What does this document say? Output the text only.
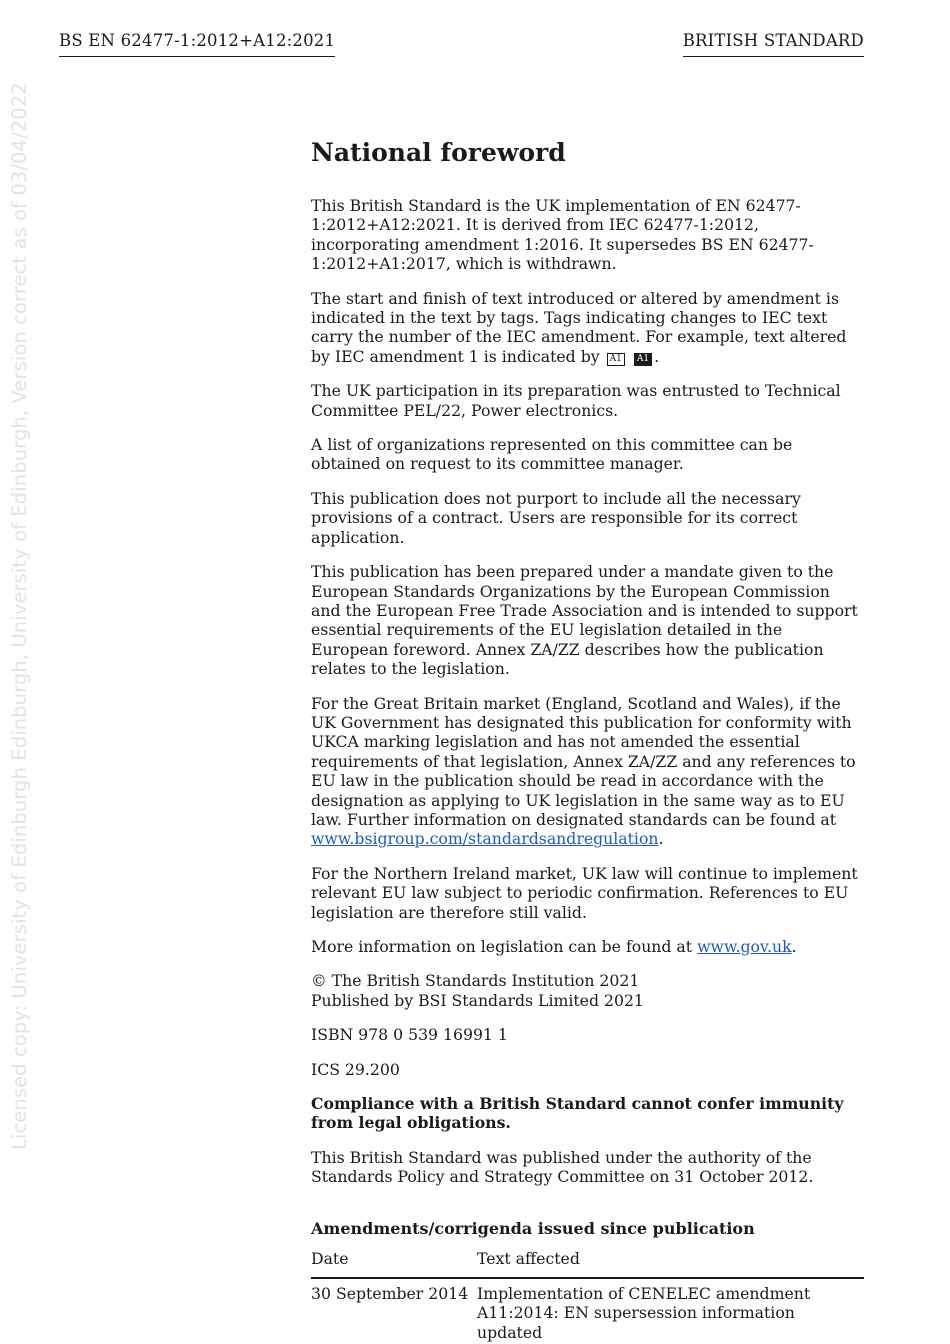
BS EN 62477-1:2012+A12:2021	BRITISH STANDARD
Licensed copy: University of Edinburgh Edinburgh, University of Edinburgh, Version correct as of 03/04/2022	National foreword

This British Standard is the UK implementation of EN 62477-1:2012+A12:2021. It is derived from IEC 62477-1:2012, incorporating amendment 1:2016. It supersedes BS EN 62477-1:2012+A1:2017, which is withdrawn.

The start and finish of text introduced or altered by amendment is indicated in the text by tags. Tags indicating changes to IEC text carry the number of the IEC amendment. For example, text altered by IEC amendment 1 is indicated by A1 A1 .

The UK participation in its preparation was entrusted to Technical Committee PEL/22, Power electronics.

A list of organizations represented on this committee can be obtained on request to its committee manager.

This publication does not purport to include all the necessary provisions of a contract. Users are responsible for its correct application.

This publication has been prepared under a mandate given to the European Standards Organizations by the European Commission and the European Free Trade Association and is intended to support essential requirements of the EU legislation detailed in the European foreword. Annex ZA/ZZ describes how the publication relates to the legislation.

For the Great Britain market (England, Scotland and Wales), if the UK Government has designated this publication for conformity with UKCA marking legislation and has not amended the essential requirements of that legislation, Annex ZA/ZZ and any references to EU law in the publication should be read in accordance with the designation as applying to UK legislation in the same way as to EU law. Further information on designated standards can be found at www.bsigroup.com/standardsandregulation.

For the Northern Ireland market, UK law will continue to implement relevant EU law subject to periodic confirmation. References to EU legislation are therefore still valid.

More information on legislation can be found at www.gov.uk.

© The British Standards Institution 2021
Published by BSI Standards Limited 2021

ISBN 978 0 539 16991 1

ICS 29.200

Compliance with a British Standard cannot confer immunity from legal obligations.

This British Standard was published under the authority of the Standards Policy and Strategy Committee on 31 October 2012.

Amendments/corrigenda issued since publication
Date	Text affected
30 September 2014	Implementation of CENELEC amendment A11:2014: EN supersession information updated
